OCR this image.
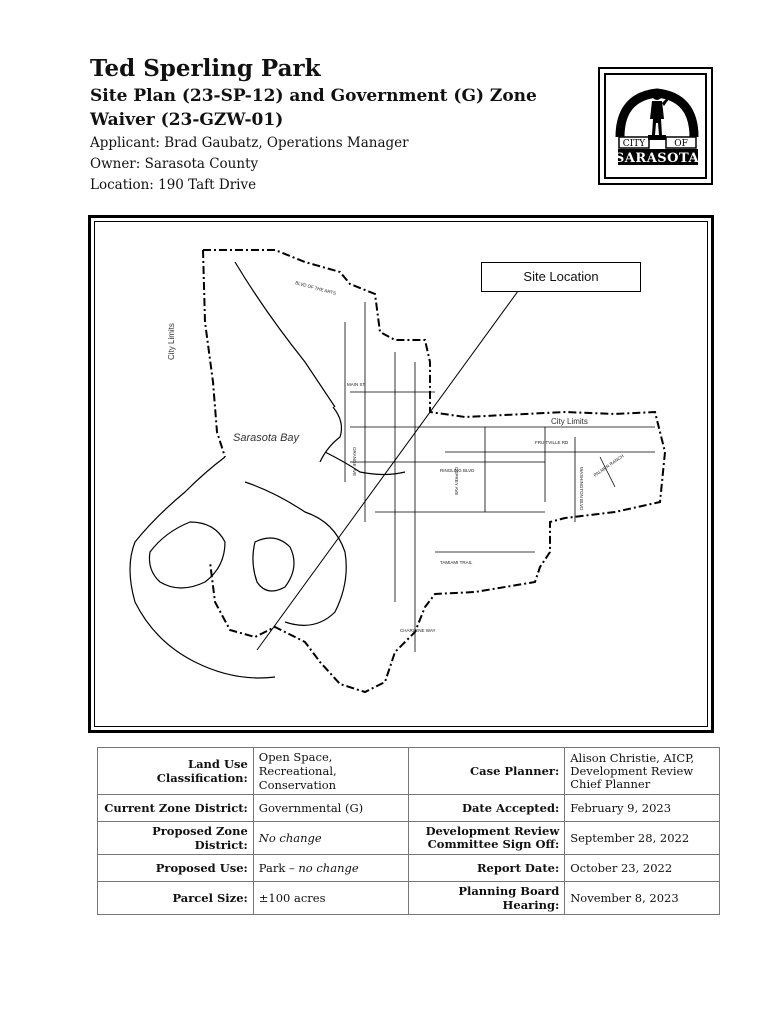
Ted Sperling Park
Site Plan (23-SP-12) and Government (G) Zone Waiver (23-GZW-01)
Applicant: Brad Gaubatz, Operations Manager
Owner: Sarasota County
Location: 190 Taft Drive
CITY	OF
SARASOTA
BLVD OF THE ARTS
MAIN ST
FRUITVILLE RD
TAMIAMI TRAIL
ORANGE AVE	RINGLING BLVD	WASHINGTON BLVD
PALMER RANCH
CHARLENE WAY
OSPREY AVE
Site Location
Sarasota Bay
City Limits
City Limits
Land Use Classification:	Open Space, Recreational, Conservation	Case Planner:	Alison Christie, AICP, Development Review Chief Planner
Current Zone District:	Governmental (G)	Date Accepted:	February 9, 2023
Proposed Zone District:	No change	Development Review Committee Sign Off:	September 28, 2022
Proposed Use:	Park – no change	Report Date:	October 23, 2022
Parcel Size:	±100 acres	Planning Board Hearing:	November 8, 2023
